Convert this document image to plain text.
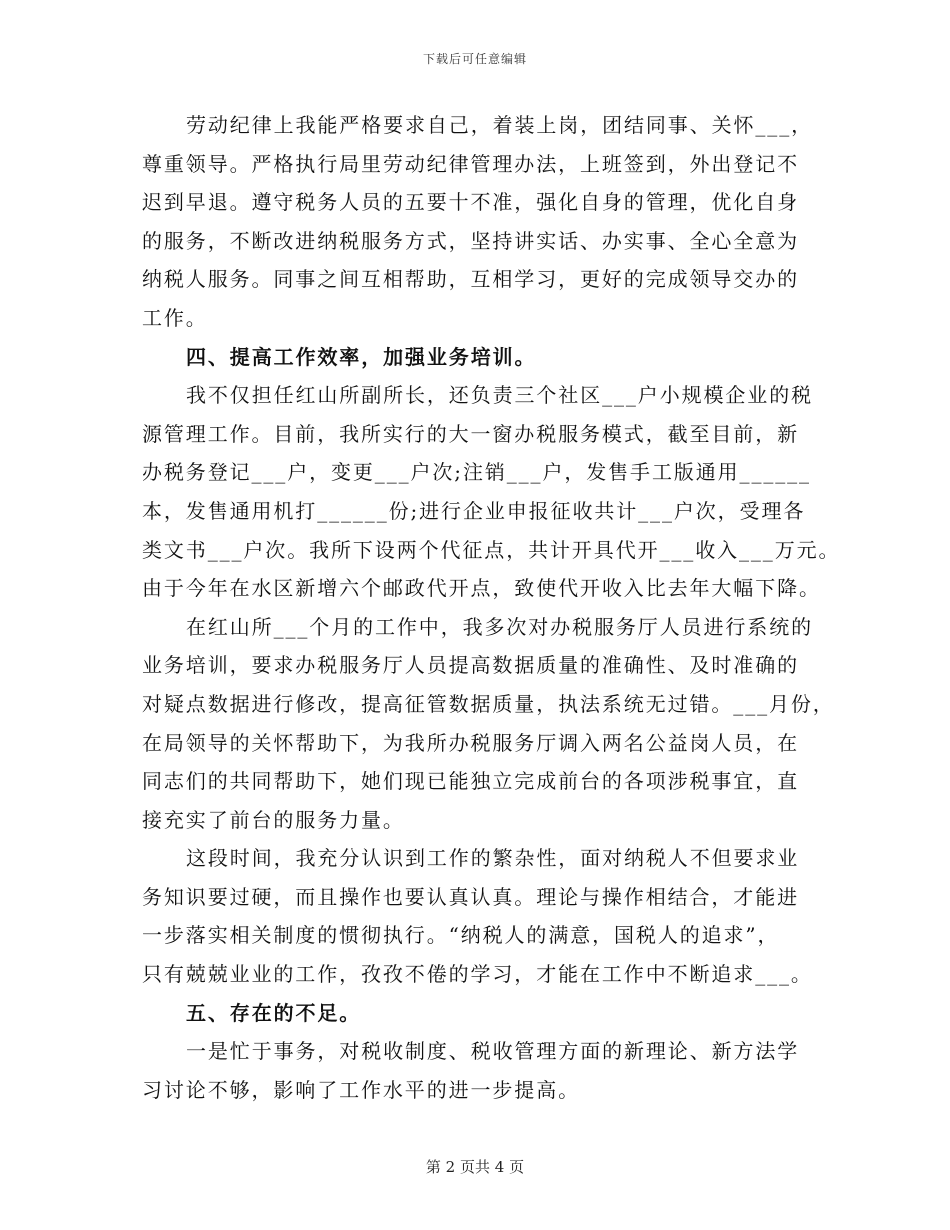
下载后可任意编辑
劳动纪律上我能严格要求自己，着装上岗，团结同事、关怀___，
尊重领导。严格执行局里劳动纪律管理办法，上班签到，外出登记不
迟到早退。遵守税务人员的五要十不准，强化自身的管理，优化自身
的服务，不断改进纳税服务方式，坚持讲实话、办实事、全心全意为
纳税人服务。同事之间互相帮助，互相学习，更好的完成领导交办的
工作。
四、提高工作效率，加强业务培训。
我不仅担任红山所副所长，还负责三个社区___户小规模企业的税
源管理工作。目前，我所实行的大一窗办税服务模式，截至目前，新
办税务登记___户，变更___户次;注销___户，发售手工版通用______
本，发售通用机打______份;进行企业申报征收共计___户次，受理各
类文书___户次。我所下设两个代征点，共计开具代开___收入___万元。
由于今年在水区新增六个邮政代开点，致使代开收入比去年大幅下降。
在红山所___个月的工作中，我多次对办税服务厅人员进行系统的
业务培训，要求办税服务厅人员提高数据质量的准确性、及时准确的
对疑点数据进行修改，提高征管数据质量，执法系统无过错。___月份，
在局领导的关怀帮助下，为我所办税服务厅调入两名公益岗人员，在
同志们的共同帮助下，她们现已能独立完成前台的各项涉税事宜，直
接充实了前台的服务力量。
这段时间，我充分认识到工作的繁杂性，面对纳税人不但要求业
务知识要过硬，而且操作也要认真认真。理论与操作相结合，才能进
一步落实相关制度的惯彻执行。“纳税人的满意，国税人的追求”，
只有兢兢业业的工作，孜孜不倦的学习，才能在工作中不断追求___。
五、存在的不足。
一是忙于事务，对税收制度、税收管理方面的新理论、新方法学
习讨论不够，影响了工作水平的进一步提高。
第 2 页共 4 页
